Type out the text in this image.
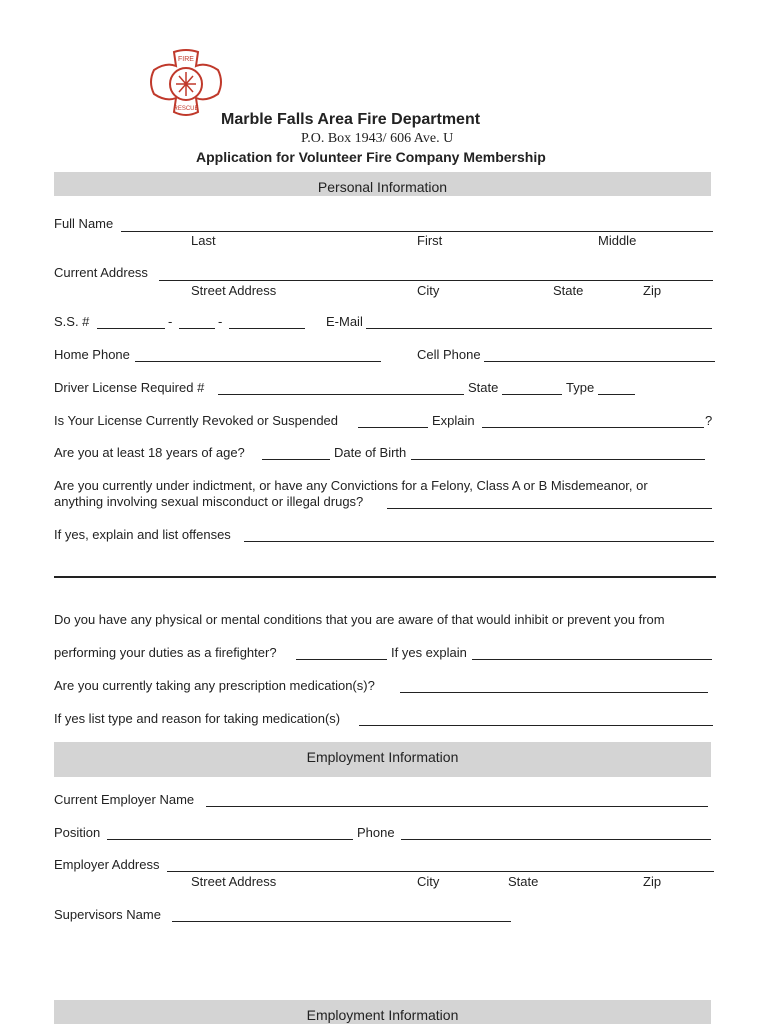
FIRE
RESCUE
Marble Falls Area Fire Department
P.O. Box 1943/ 606 Ave. U
Application for Volunteer Fire Company Membership
Personal Information
Full Name
Last	First	Middle
Current Address
Street Address	City	State	Zip
S.S. #	-	-	E-Mail
Home Phone	Cell Phone
Driver License Required #	State	Type
Is Your License Currently Revoked or Suspended	Explain	?
Are you at least 18 years of age?	Date of Birth
Are you currently under indictment, or have any Convictions for a Felony, Class A or B Misdemeanor, or
anything involving sexual misconduct or illegal drugs?
If yes, explain and list offenses
Do you have any physical or mental conditions that you are aware of that would inhibit or prevent you from
performing your duties as a firefighter?	If yes explain
Are you currently taking any prescription medication(s)?
If yes list type and reason for taking medication(s)
Employment Information
Current Employer Name
Position	Phone
Employer Address
Street Address	City	State	Zip
Supervisors Name
Employment Information
